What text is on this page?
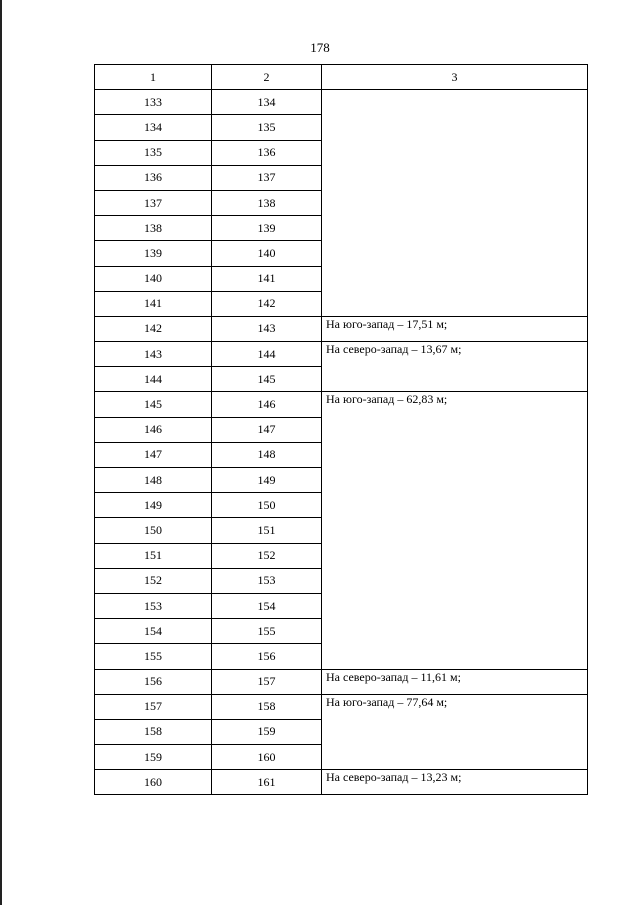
178
1	2	3
133	134	
134	135	
135	136	
136	137	
137	138	
138	139	
139	140	
140	141	
141	142	
142	143	На юго-запад – 17,51 м;
143	144	На северо-запад – 13,67 м;
144	145	
145	146	На юго-запад – 62,83 м;
146	147	
147	148	
148	149	
149	150	
150	151	
151	152	
152	153	
153	154	
154	155	
155	156	
156	157	На северо-запад – 11,61 м;
157	158	На юго-запад – 77,64 м;
158	159	
159	160	
160	161	На северо-запад – 13,23 м;
